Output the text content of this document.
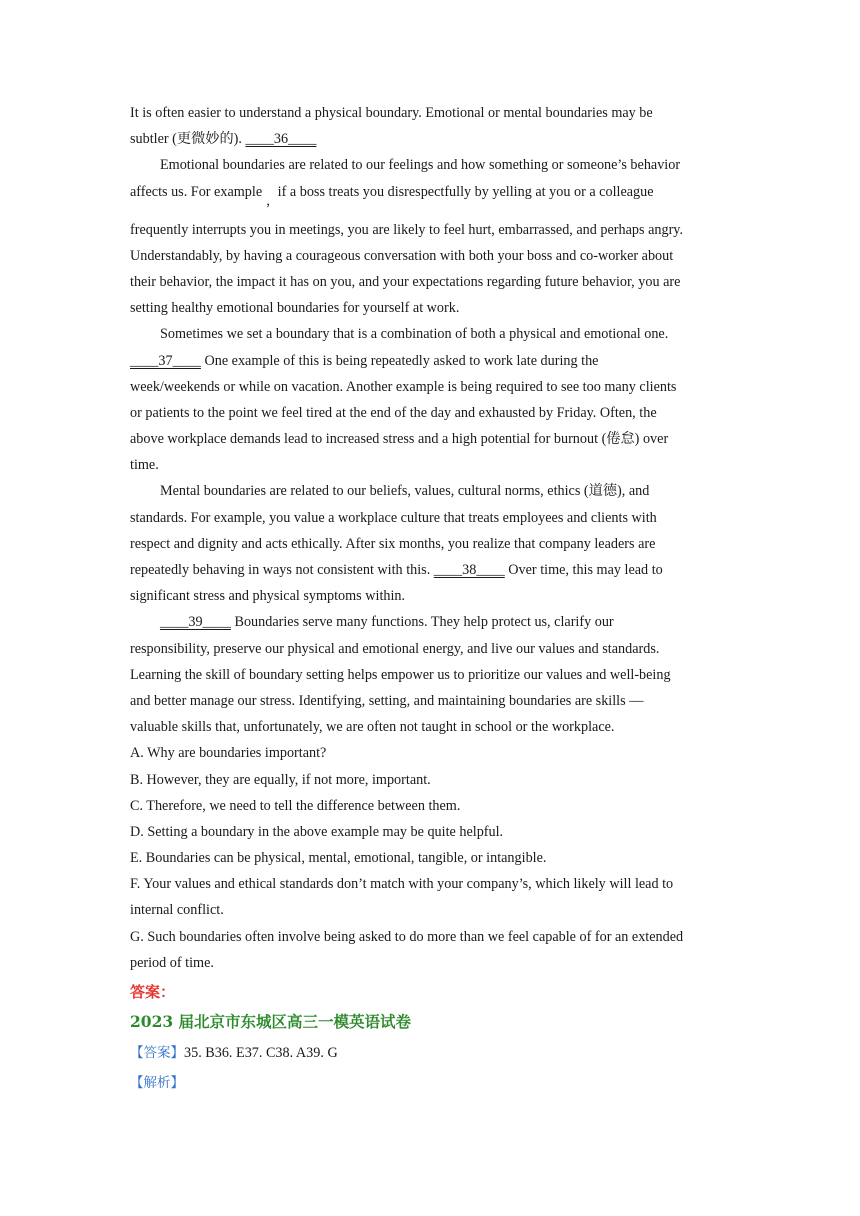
It is often easier to understand a physical boundary. Emotional or mental boundaries may be
subtler (更微妙的). ____36____
Emotional boundaries are related to our feelings and how something or someone’s behavior
affects us. For example, if a boss treats you disrespectfully by yelling at you or a colleague
frequently interrupts you in meetings, you are likely to feel hurt, embarrassed, and perhaps angry.
Understandably, by having a courageous conversation with both your boss and co-worker about
their behavior, the impact it has on you, and your expectations regarding future behavior, you are
setting healthy emotional boundaries for yourself at work.
Sometimes we set a boundary that is a combination of both a physical and emotional one.
____37____ One example of this is being repeatedly asked to work late during the
week/weekends or while on vacation. Another example is being required to see too many clients
or patients to the point we feel tired at the end of the day and exhausted by Friday. Often, the
above workplace demands lead to increased stress and a high potential for burnout (倦怠) over
time.
Mental boundaries are related to our beliefs, values, cultural norms, ethics (道德), and
standards. For example, you value a workplace culture that treats employees and clients with
respect and dignity and acts ethically. After six months, you realize that company leaders are
repeatedly behaving in ways not consistent with this. ____38____ Over time, this may lead to
significant stress and physical symptoms within.
____39____ Boundaries serve many functions. They help protect us, clarify our
responsibility, preserve our physical and emotional energy, and live our values and standards.
Learning the skill of boundary setting helps empower us to prioritize our values and well-being
and better manage our stress. Identifying, setting, and maintaining boundaries are skills —
valuable skills that, unfortunately, we are often not taught in school or the workplace.
A. Why are boundaries important?
B. However, they are equally, if not more, important.
C. Therefore, we need to tell the difference between them.
D. Setting a boundary in the above example may be quite helpful.
E. Boundaries can be physical, mental, emotional, tangible, or intangible.
F. Your values and ethical standards don’t match with your company’s, which likely will lead to
internal conflict.
G. Such boundaries often involve being asked to do more than we feel capable of for an extended
period of time.
答案：
2023 届北京市东城区高三一模英语试卷
【答案】35. B36. E37. C38. A39. G
【解析】
